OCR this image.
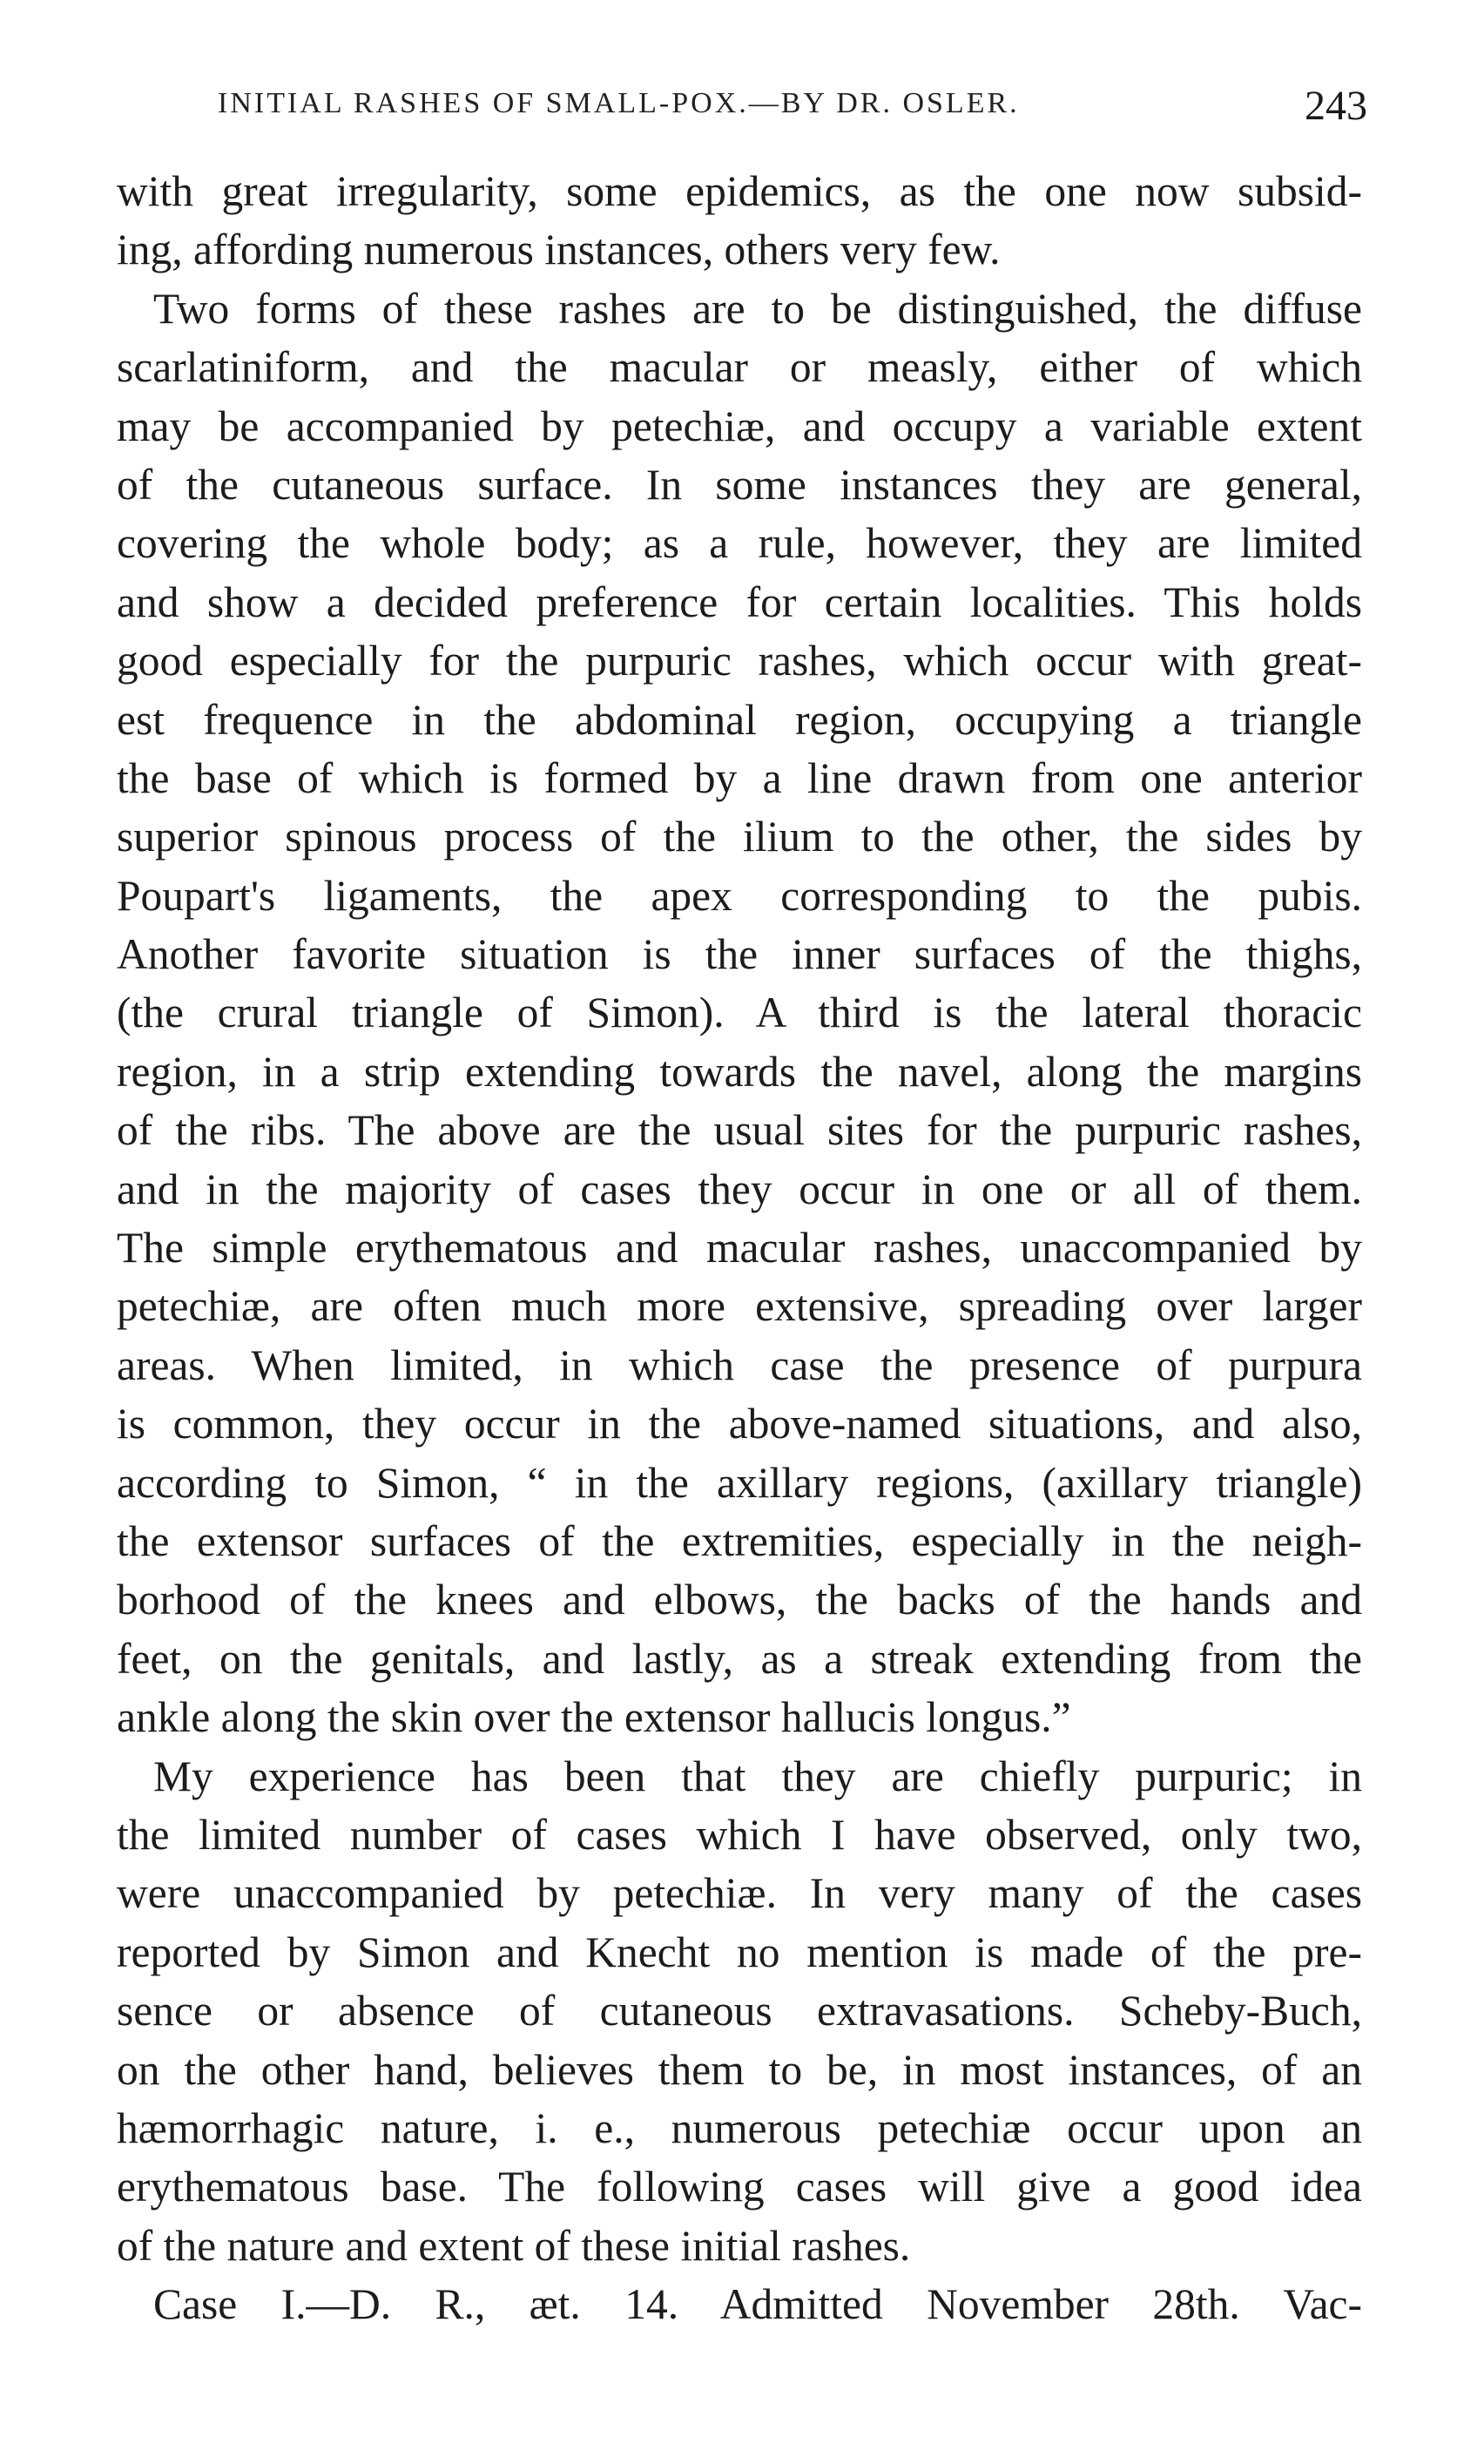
INITIAL RASHES OF SMALL-POX.—BY DR. OSLER.	243
with great irregularity, some epidemics, as the one now subsid-
ing, affording numerous instances, others very few.
Two forms of these rashes are to be distinguished, the diffuse
scarlatiniform, and the macular or measly, either of which
may be accompanied by petechiæ, and occupy a variable extent
of the cutaneous surface. In some instances they are general,
covering the whole body; as a rule, however, they are limited
and show a decided preference for certain localities. This holds
good especially for the purpuric rashes, which occur with great-
est frequence in the abdominal region, occupying a triangle
the base of which is formed by a line drawn from one anterior
superior spinous process of the ilium to the other, the sides by
Poupart's ligaments, the apex corresponding to the pubis.
Another favorite situation is the inner surfaces of the thighs,
(the crural triangle of Simon). A third is the lateral thoracic
region, in a strip extending towards the navel, along the margins
of the ribs. The above are the usual sites for the purpuric rashes,
and in the majority of cases they occur in one or all of them.
The simple erythematous and macular rashes, unaccompanied by
petechiæ, are often much more extensive, spreading over larger
areas. When limited, in which case the presence of purpura
is common, they occur in the above-named situations, and also,
according to Simon, “ in the axillary regions, (axillary triangle)
the extensor surfaces of the extremities, especially in the neigh-
borhood of the knees and elbows, the backs of the hands and
feet, on the genitals, and lastly, as a streak extending from the
ankle along the skin over the extensor hallucis longus.”
My experience has been that they are chiefly purpuric; in
the limited number of cases which I have observed, only two,
were unaccompanied by petechiæ. In very many of the cases
reported by Simon and Knecht no mention is made of the pre-
sence or absence of cutaneous extravasations. Scheby-Buch,
on the other hand, believes them to be, in most instances, of an
hæmorrhagic nature, i. e., numerous petechiæ occur upon an
erythematous base. The following cases will give a good idea
of the nature and extent of these initial rashes.
Case I.—D. R., æt. 14. Admitted November 28th. Vac-
